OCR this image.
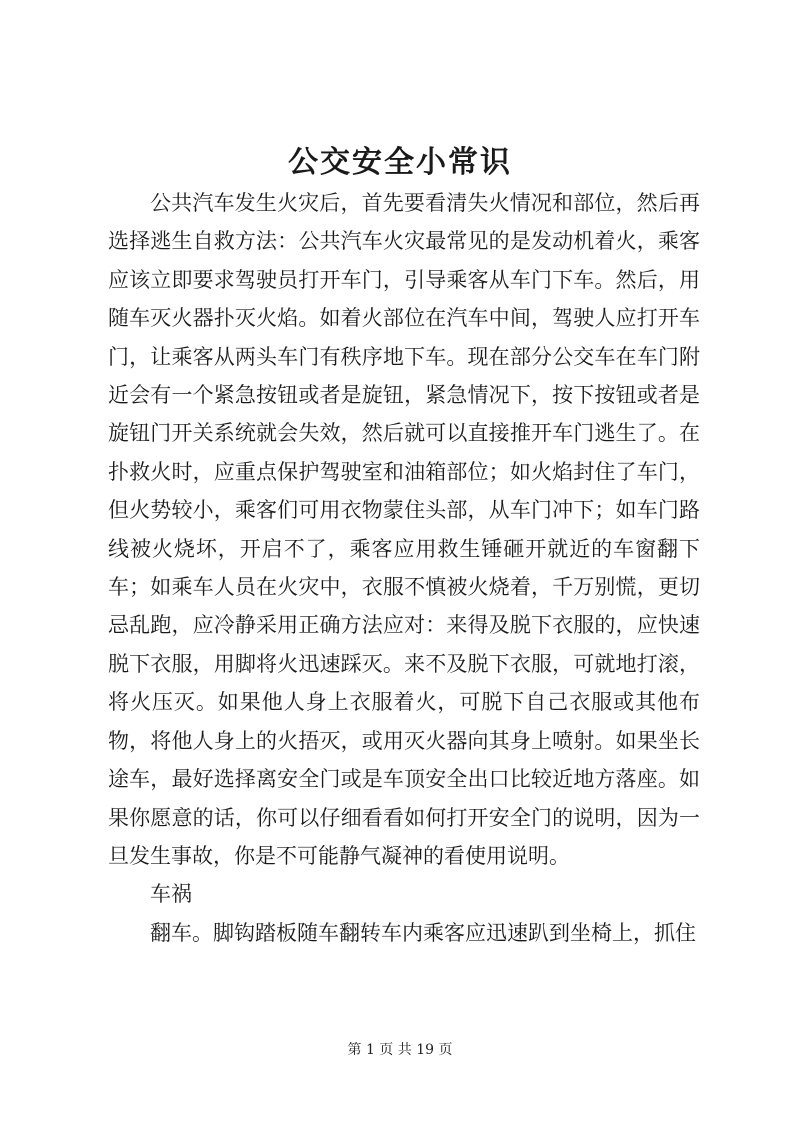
公交安全小常识

公共汽车发生火灾后，首先要看清失火情况和部位，然后再选择逃生自救方法：公共汽车火灾最常见的是发动机着火，乘客应该立即要求驾驶员打开车门，引导乘客从车门下车。然后，用随车灭火器扑灭火焰。如着火部位在汽车中间，驾驶人应打开车门，让乘客从两头车门有秩序地下车。现在部分公交车在车门附近会有一个紧急按钮或者是旋钮，紧急情况下，按下按钮或者是旋钮门开关系统就会失效，然后就可以直接推开车门逃生了。在扑救火时，应重点保护驾驶室和油箱部位；如火焰封住了车门，但火势较小，乘客们可用衣物蒙住头部，从车门冲下；如车门路线被火烧坏，开启不了，乘客应用救生锤砸开就近的车窗翻下车；如乘车人员在火灾中，衣服不慎被火烧着，千万别慌，更切忌乱跑，应冷静采用正确方法应对：来得及脱下衣服的，应快速脱下衣服，用脚将火迅速踩灭。来不及脱下衣服，可就地打滚，将火压灭。如果他人身上衣服着火，可脱下自己衣服或其他布物，将他人身上的火捂灭，或用灭火器向其身上喷射。如果坐长途车，最好选择离安全门或是车顶安全出口比较近地方落座。如果你愿意的话，你可以仔细看看如何打开安全门的说明，因为一旦发生事故，你是不可能静气凝神的看使用说明。

车祸

翻车。脚钩踏板随车翻转车内乘客应迅速趴到坐椅上，抓住

第 1 页 共 19 页
